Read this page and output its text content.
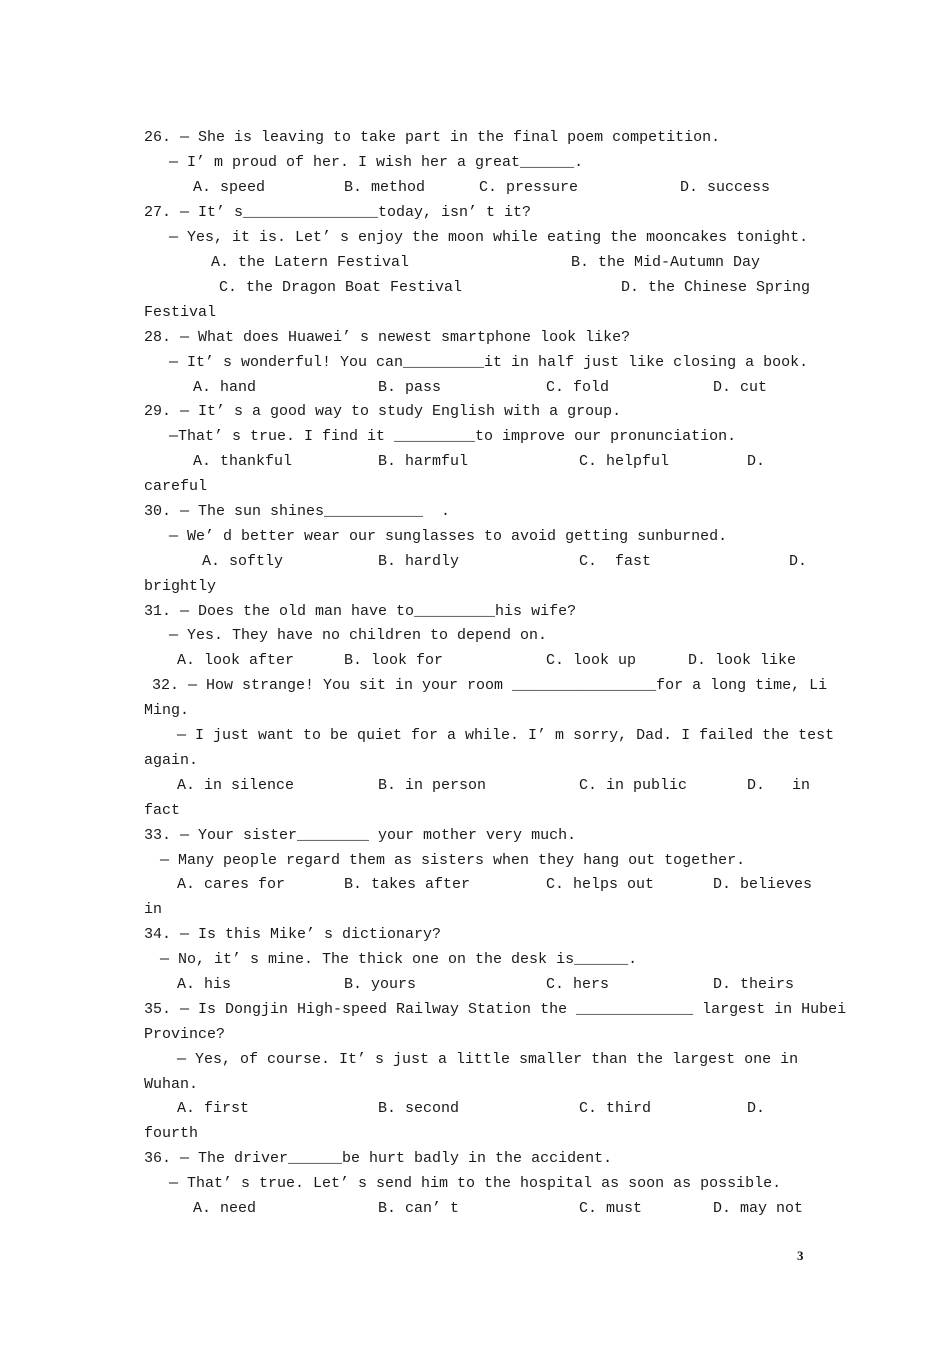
26. — She is leaving to take part in the final poem competition.

— I’ m proud of her. I wish her a great______.

A. speed

	B. method

	C. pressure

	D. success

27. — It’ s_______________today, isn’ t it?

— Yes, it is. Let’ s enjoy the moon while eating the mooncakes tonight.

A. the Latern Festival

	B. the Mid-Autumn Day

C. the Dragon Boat Festival

	D. the Chinese Spring

Festival

28. — What does Huawei’ s newest smartphone look like?

— It’ s wonderful! You can_________it in half just like closing a book.

A. hand

	B. pass

	C. fold

	D. cut

29. — It’ s a good way to study English with a group.

—That’ s true. I find it _________to improve our pronunciation.

A. thankful

	B. harmful

	C. helpful

	D.

careful

30. — The sun shines___________  .

— We’ d better wear our sunglasses to avoid getting sunburned.

A. softly

	B. hardly

	C.  fast

	D.

brightly

31. — Does the old man have to_________his wife?

— Yes. They have no children to depend on.

A. look after

	B. look for

	C. look up

	D. look like

32. — How strange! You sit in your room ________________for a long time, Li

Ming.

— I just want to be quiet for a while. I’ m sorry, Dad. I failed the test

again.

A. in silence

	B. in person

	C. in public

	D.   in

fact

33. — Your sister________ your mother very much.

— Many people regard them as sisters when they hang out together.

A. cares for

	B. takes after

	C. helps out

	D. believes

in

34. — Is this Mike’ s dictionary?

— No, it’ s mine. The thick one on the desk is______.

A. his

	B. yours

	C. hers

	D. theirs

35. — Is Dongjin High-speed Railway Station the _____________ largest in Hubei

Province?

— Yes, of course. It’ s just a little smaller than the largest one in

Wuhan.

A. first

	B. second

	C. third

	D.

fourth

36. — The driver______be hurt badly in the accident.

— That’ s true. Let’ s send him to the hospital as soon as possible.

A. need

	B. can’ t

	C. must

	D. may not

3
